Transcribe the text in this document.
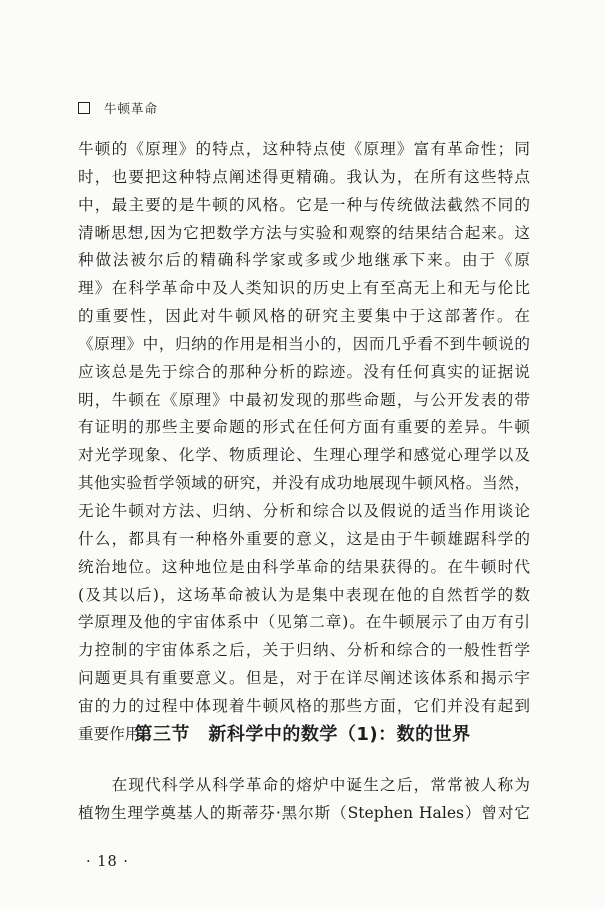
牛顿革命
牛顿的《原理》的特点，这种特点使《原理》富有革命性；同
时，也要把这种特点阐述得更精确。我认为，在所有这些特点
中，最主要的是牛顿的风格。它是一种与传统做法截然不同的
清晰思想,因为它把数学方法与实验和观察的结果结合起来。这
种做法被尔后的精确科学家或多或少地继承下来。由于《原
理》在科学革命中及人类知识的历史上有至高无上和无与伦比
的重要性，因此对牛顿风格的研究主要集中于这部著作。在
《原理》中，归纳的作用是相当小的，因而几乎看不到牛顿说的
应该总是先于综合的那种分析的踪迹。没有任何真实的证据说
明，牛顿在《原理》中最初发现的那些命题，与公开发表的带
有证明的那些主要命题的形式在任何方面有重要的差异。牛顿
对光学现象、化学、物质理论、生理心理学和感觉心理学以及
其他实验哲学领域的研究，并没有成功地展现牛顿风格。当然，
无论牛顿对方法、归纳、分析和综合以及假说的适当作用谈论
什么，都具有一种格外重要的意义，这是由于牛顿雄踞科学的
统治地位。这种地位是由科学革命的结果获得的。在牛顿时代
(及其以后)，这场革命被认为是集中表现在他的自然哲学的数
学原理及他的宇宙体系中（见第二章)。在牛顿展示了由万有引
力控制的宇宙体系之后，关于归纳、分析和综合的一般性哲学
问题更具有重要意义。但是，对于在详尽阐述该体系和揭示宇
宙的力的过程中体现着牛顿风格的那些方面，它们并没有起到
重要作用。
第三节　新科学中的数学（1)：数的世界
　　在现代科学从科学革命的熔炉中诞生之后，常常被人称为
植物生理学奠基人的斯蒂芬·黑尔斯（Stephen Hales）曾对它
· 18 ·
